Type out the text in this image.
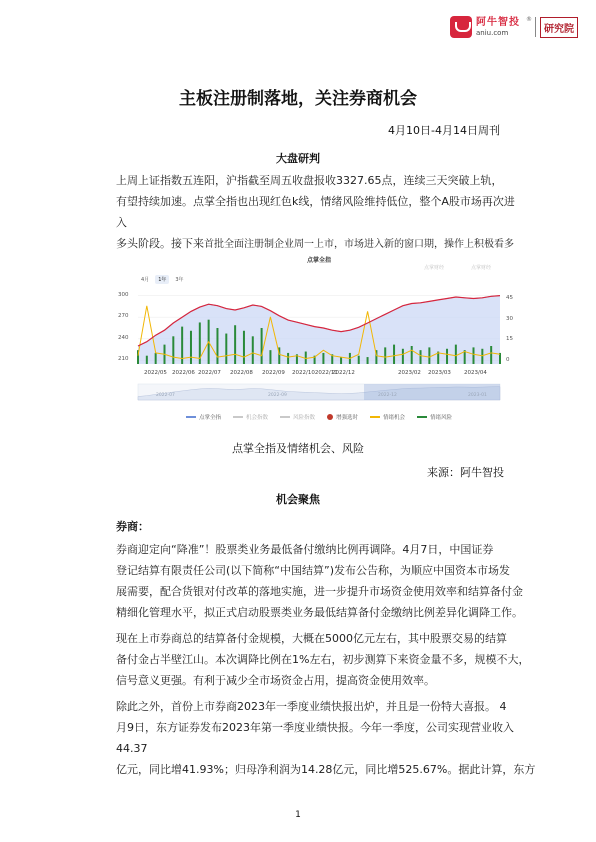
阿牛智投
aniu.com
®
研究院
主板注册制落地，关注券商机会
4月10日-4月14日周刊
大盘研判
上周上证指数五连阳，沪指截至周五收盘报收3327.65点，连续三天突破上轨，
有望持续加速。点掌全指也出现红色k线，情绪风险维持低位，整个A股市场再次进入
多头阶段。接下来首批全面注册制企业周一上市，市场进入新的窗口期，操作上积极看多
点掌全指
点掌财经	点掌财经
4月	1年	3年
2022-07	2022-09	2022-12	2023-01
点掌全指	机会指数	风险指数	增强选时	情绪机会	情绪风险
300
270
240
210
45
30
15
0
2022/05 2022/06 2022/07 2022/08 2022/09 2022/102022/11
2022/12	2023/02 2023/03 2023/04
点掌全指及情绪机会、风险
来源：阿牛智投
机会聚焦
券商：
券商迎定向“降准”！股票类业务最低备付缴纳比例再调降。4月7日，中国证券
登记结算有限责任公司(以下简称“中国结算”)发布公告称，为顺应中国资本市场发
展需要，配合货银对付改革的落地实施，进一步提升市场资金使用效率和结算备付金
精细化管理水平，拟正式启动股票类业务最低结算备付金缴纳比例差异化调降工作。
现在上市券商总的结算备付金规模，大概在5000亿元左右，其中股票交易的结算
备付金占半壁江山。本次调降比例在1%左右，初步测算下来资金量不多，规模不大，
信号意义更强。有利于减少全市场资金占用，提高资金使用效率。
除此之外，首份上市券商2023年一季度业绩快报出炉，并且是一份特大喜报。 4
月9日，东方证券发布2023年第一季度业绩快报。今年一季度，公司实现营业收入44.37
亿元，同比增41.93%；归母净利润为14.28亿元，同比增525.67%。据此计算，东方
1
